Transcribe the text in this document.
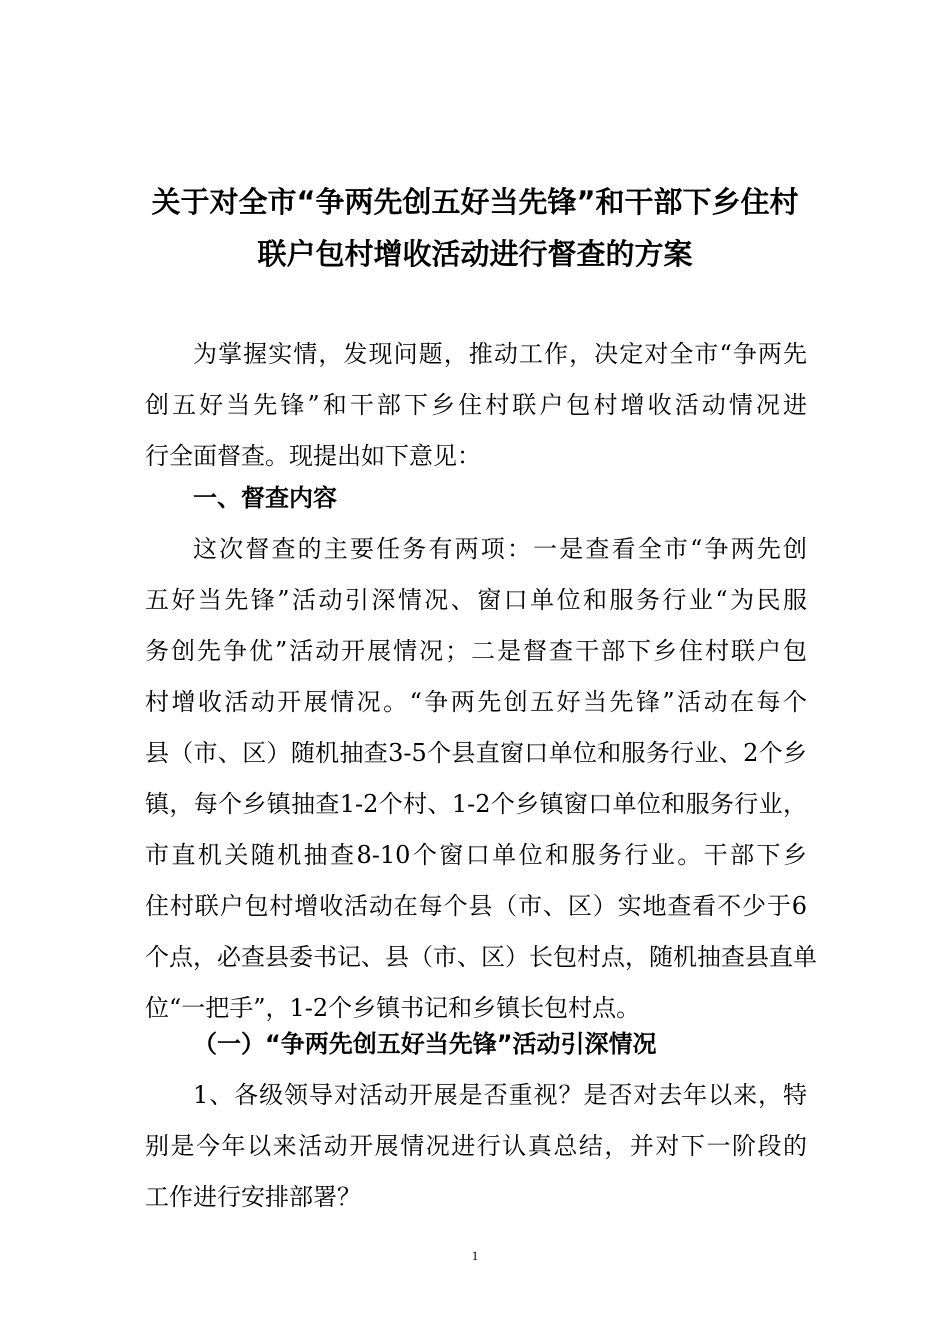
关于对全市“争两先创五好当先锋”和干部下乡住村
联户包村增收活动进行督查的方案
为掌握实情，发现问题，推动工作，决定对全市“争两先
创五好当先锋”和干部下乡住村联户包村增收活动情况进
行全面督查。现提出如下意见：
一、督查内容
这次督查的主要任务有两项：一是查看全市“争两先创
五好当先锋”活动引深情况、窗口单位和服务行业“为民服
务创先争优”活动开展情况；二是督查干部下乡住村联户包
村增收活动开展情况。“争两先创五好当先锋”活动在每个
县（市、区）随机抽查3-5个县直窗口单位和服务行业、2个乡
镇，每个乡镇抽查1-2个村、1-2个乡镇窗口单位和服务行业，
市直机关随机抽查8-10个窗口单位和服务行业。干部下乡
住村联户包村增收活动在每个县（市、区）实地查看不少于6
个点，必查县委书记、县（市、区）长包村点，随机抽查县直单
位“一把手”，1-2个乡镇书记和乡镇长包村点。
（一）“争两先创五好当先锋”活动引深情况
1、各级领导对活动开展是否重视？是否对去年以来，特
别是今年以来活动开展情况进行认真总结，并对下一阶段的
工作进行安排部署？
1
